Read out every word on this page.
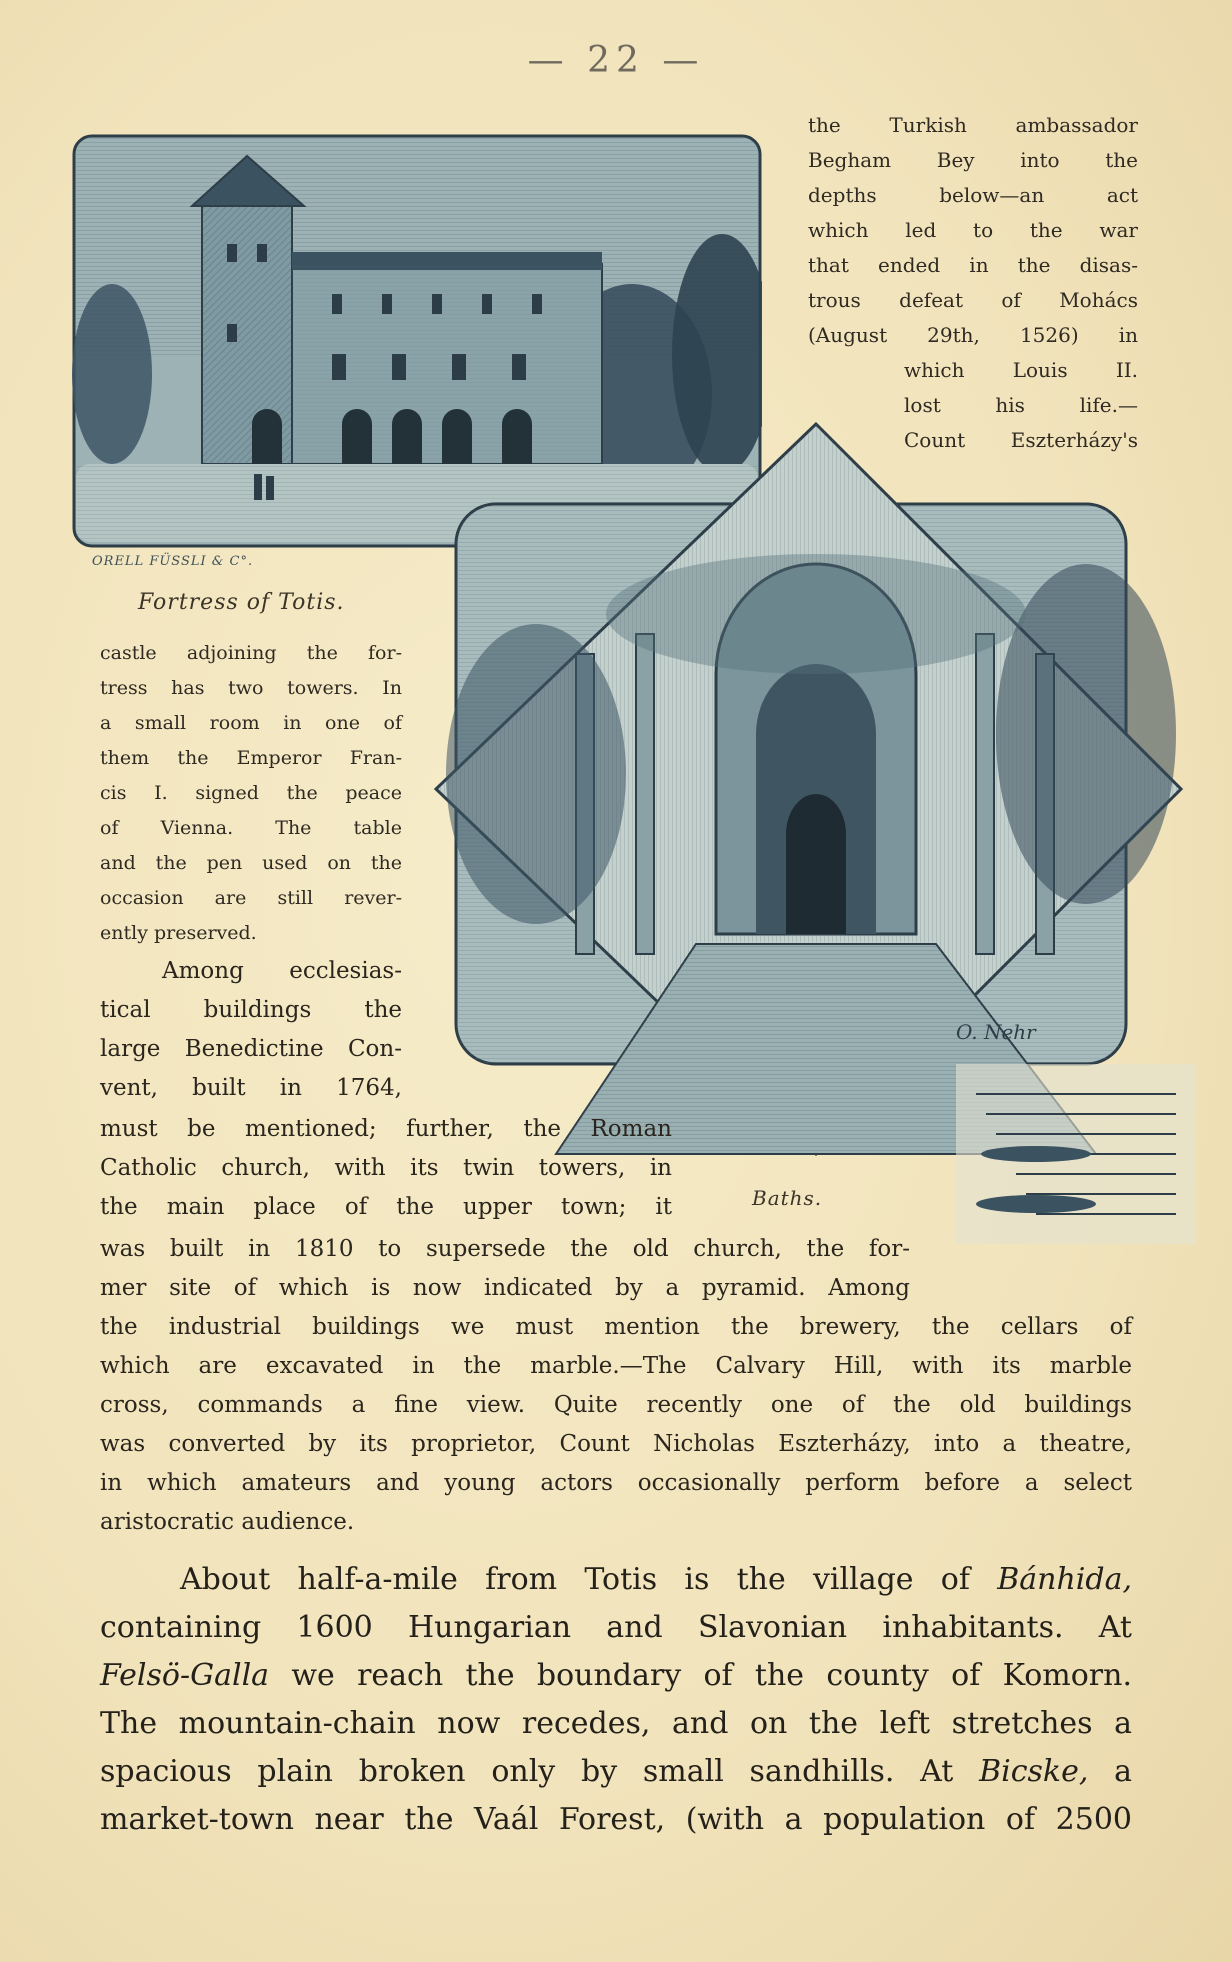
— 22 —
ORELL FÜSSLI & C°.
Fortress of Totis.
O. Nehr
Baths.
the Turkish ambassador
Begham Bey into the
depths below—an act
which led to the war
that ended in the disas-
trous defeat of Mohács
(August 29th, 1526) in
which Louis II.
lost his life.—
Count Eszterházy's
castle adjoining the for-
tress has two towers. In
a small room in one of
them the Emperor Fran-
cis I. signed the peace
of Vienna. The table
and the pen used on the
occasion are still rever-
ently preserved.
Among ecclesias-
tical buildings the
large Benedictine Con-
vent, built in 1764,
must be mentioned; further, the Roman
Catholic church, with its twin towers, in
the main place of the upper town; it
was built in 1810 to supersede the old church, the for-
mer site of which is now indicated by a pyramid. Among
the industrial buildings we must mention the brewery, the cellars of
which are excavated in the marble.—The Calvary Hill, with its marble
cross, commands a fine view. Quite recently one of the old buildings
was converted by its proprietor, Count Nicholas Eszterházy, into a theatre,
in which amateurs and young actors occasionally perform before a select
aristocratic audience.
About half-a-mile from Totis is the village of Bánhida,
containing 1600 Hungarian and Slavonian inhabitants. At
Felsö-Galla we reach the boundary of the county of Komorn.
The mountain-chain now recedes, and on the left stretches a
spacious plain broken only by small sandhills. At Bicske, a
market-town near the Vaál Forest, (with a population of 2500
